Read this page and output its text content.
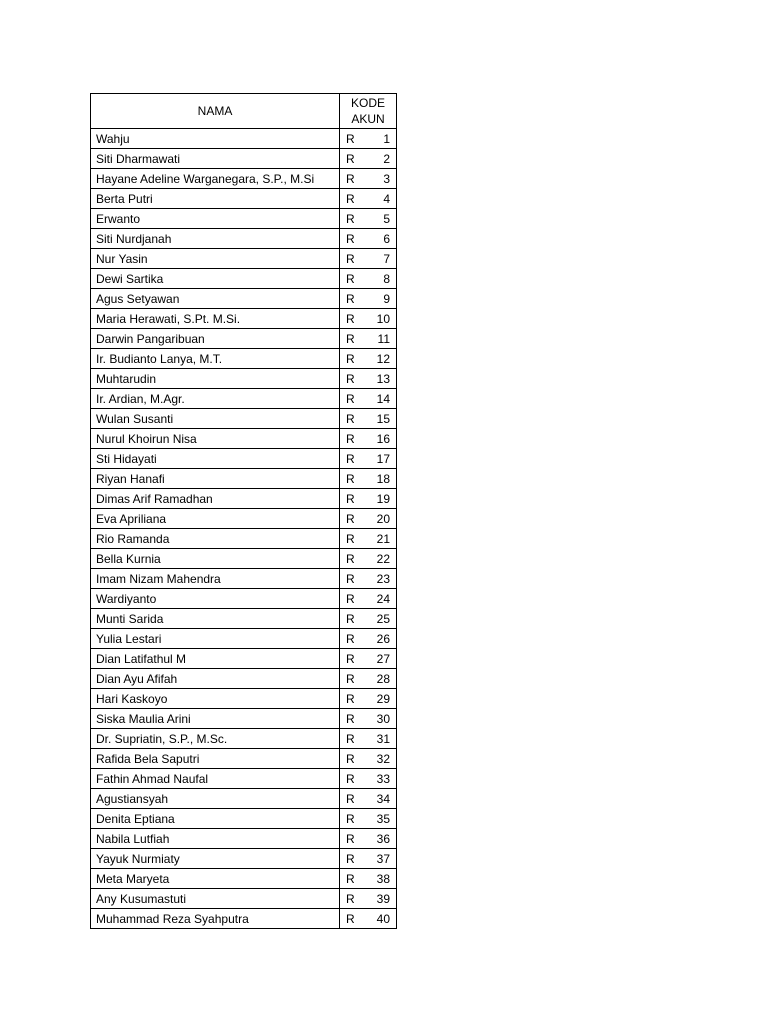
NAMA	KODE
AKUN

Wahju	R 1

Siti Dharmawati	R 2

Hayane Adeline Warganegara, S.P., M.Si	R 3

Berta Putri	R 4

Erwanto	R 5

Siti Nurdjanah	R 6

Nur Yasin	R 7

Dewi Sartika	R 8

Agus Setyawan	R 9

Maria Herawati, S.Pt. M.Si.	R 10

Darwin Pangaribuan	R 11

Ir. Budianto Lanya, M.T.	R 12

Muhtarudin	R 13

Ir. Ardian, M.Agr.	R 14

Wulan Susanti	R 15

Nurul Khoirun Nisa	R 16

Sti Hidayati	R 17

Riyan Hanafi	R 18

Dimas Arif Ramadhan	R 19

Eva Apriliana	R 20

Rio Ramanda	R 21

Bella Kurnia	R 22

Imam Nizam Mahendra	R 23

Wardiyanto	R 24

Munti Sarida	R 25

Yulia Lestari	R 26

Dian Latifathul M	R 27

Dian Ayu Afifah	R 28

Hari Kaskoyo	R 29

Siska Maulia Arini	R 30

Dr. Supriatin, S.P., M.Sc.	R 31

Rafida Bela Saputri	R 32

Fathin Ahmad Naufal	R 33

Agustiansyah	R 34

Denita Eptiana	R 35

Nabila Lutfiah	R 36

Yayuk Nurmiaty	R 37

Meta Maryeta	R 38

Any Kusumastuti	R 39

Muhammad Reza Syahputra	R 40
